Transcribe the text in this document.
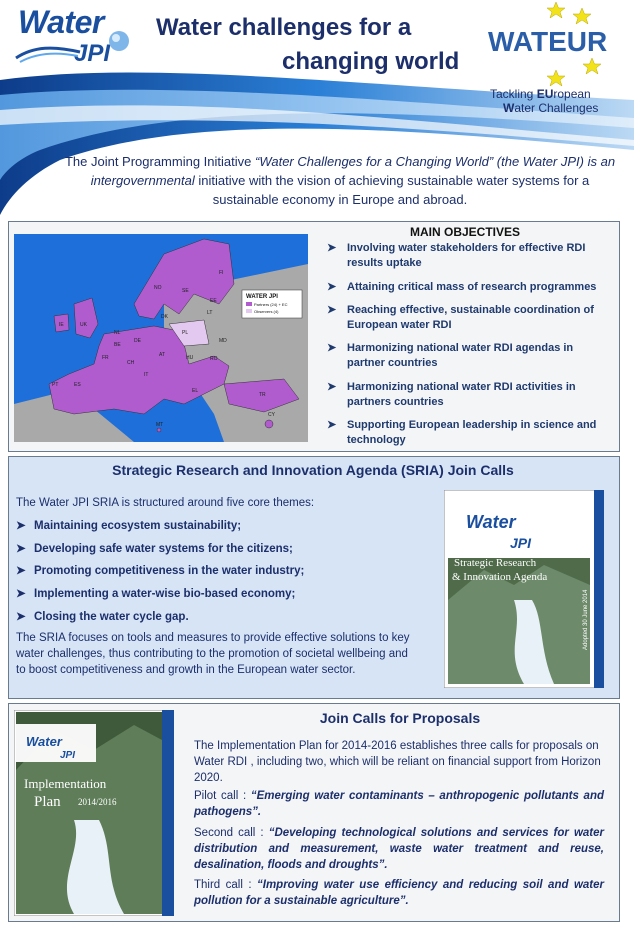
Water
JPI
Water challenges for a
changing world
WATEUR
Tackling EUropean
Water Challenges
The Joint Programming Initiative “Water Challenges for a Changing World” (the Water JPI) is an intergovernmental initiative with the vision of achieving sustainable water systems for a sustainable economy in Europe and abroad.
WATER JPI
Partners (24) + EC
Observers (4)
FI
NO	SE
EE
LT
DK
IE	UK
NL
DE
PL
BE
FR	AT	HU	RO
CH
IT
PT	ES
EL
TR
CY
MT
MD
MAIN OBJECTIVES
➤ Involving water stakeholders for effective RDI results uptake
➤ Attaining critical mass of research programmes
➤ Reaching effective, sustainable coordination of European water RDI
➤ Harmonizing national water RDI agendas in partner countries
➤ Harmonizing national water RDI activities in partners countries
➤ Supporting European leadership in science and technology
Strategic Research and Innovation Agenda (SRIA) Join Calls
The Water JPI SRIA is structured around five core themes:
➤ Maintaining ecosystem sustainability;
➤ Developing safe water systems for the citizens;
➤ Promoting competitiveness in the water industry;
➤ Implementing a water-wise bio-based economy;
➤ Closing the water cycle gap.
The SRIA focuses on tools and measures to provide effective solutions to key water challenges, thus contributing to the promotion of societal wellbeing and to boost competitiveness and growth in the European water sector.
Water
JPI
Strategic Research
& Innovation Agenda
Adopted 30 June 2014
Water
JPI
Implementation
Plan 2014/2016
Join Calls for Proposals
The Implementation Plan for 2014-2016 establishes three calls for proposals on Water RDI , including two, which will be reliant on financial support from Horizon 2020.
Pilot call : “Emerging water contaminants – anthropogenic pollutants and pathogens”.
Second call : “Developing technological solutions and services for water distribution and measurement, waste water treatment and reuse, desalination, floods and droughts”.
Third call : “Improving water use efficiency and reducing soil and water pollution for a sustainable agriculture”.
